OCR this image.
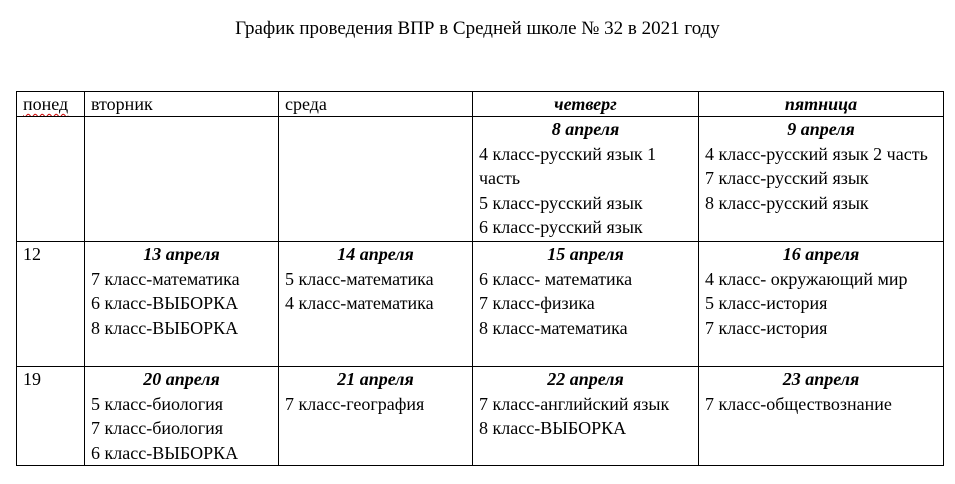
График проведения ВПР в Средней школе № 32 в 2021 году
понед	вторник	среда	четверг	пятница

			8 апреля
4 класс-русский язык 1 часть
5 класс-русский язык
6 класс-русский язык	9 апреля
4 класс-русский язык 2 часть
7 класс-русский язык
8 класс-русский язык

12	13 апреля
7 класс-математика
6 класс-ВЫБОРКА
8 класс-ВЫБОРКА	14 апреля
5 класс-математика
4 класс-математика	15 апреля
6 класс- математика
7 класс-физика
8 класс-математика	16 апреля
4 класс- окружающий мир
5 класс-история
7 класс-история

19	20 апреля
5 класс-биология
7 класс-биология
6 класс-ВЫБОРКА	21 апреля
7 класс-география	22 апреля
7 класс-английский язык
8 класс-ВЫБОРКА	23 апреля
7 класс-обществознание
